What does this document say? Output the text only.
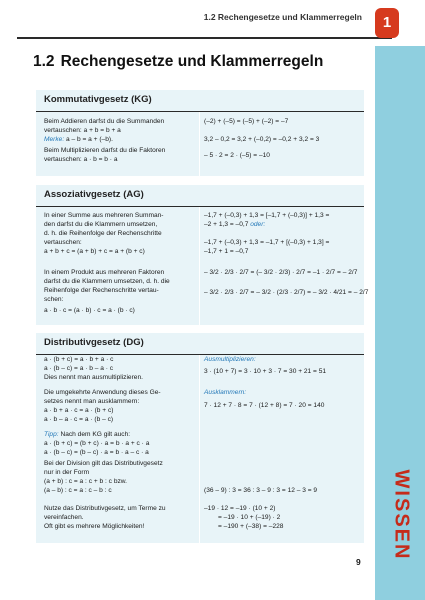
1.2 Rechengesetze und Klammerregeln	1
WISSEN
1.2 Rechengesetze und Klammerregeln
Kommutativgesetz (KG)
Beim Addieren darfst du die Summanden
vertauschen: a + b = b + a
Merke: a – b = a + (–b).
Beim Multiplizieren darfst du die Faktoren
vertauschen: a · b = b · a
(–2) + (–5) = (–5) + (–2) = –7
3,2 – 0,2 = 3,2 + (–0,2) = –0,2 + 3,2 = 3
– 5 · 2 = 2 · (–5) = –10
Assoziativgesetz (AG)
In einer Summe aus mehreren Summan-
den darfst du die Klammern umsetzen,
d. h. die Reihenfolge der Rechenschritte
vertauschen:
a + b + c = (a + b) + c = a + (b + c)
In einem Produkt aus mehreren Faktoren
darfst du die Klammern umsetzen, d. h. die
Reihenfolge der Rechenschritte vertau-
schen:
a · b · c = (a · b) · c = a · (b · c)
–1,7 + (–0,3) + 1,3 = [–1,7 + (–0,3)] + 1,3 =
–2 + 1,3 = –0,7 oder:
–1,7 + (–0,3) + 1,3 = –1,7 + [(–0,3) + 1,3] =
–1,7 + 1 = –0,7
– 3/2 · 2/3 · 2/7 = (– 3/2 · 2/3) · 2/7 = –1 · 2/7 = – 2/7
– 3/2 · 2/3 · 2/7 = – 3/2 · (2/3 · 2/7) = – 3/2 · 4/21 = – 2/7
Distributivgesetz (DG)
a · (b + c) = a · b + a · c
a · (b – c) = a · b – a · c
Dies nennt man ausmultiplizieren.
Die umgekehrte Anwendung dieses Ge-
setzes nennt man ausklammern:
a · b + a · c = a · (b + c)
a · b – a · c = a · (b – c)
Tipp: Nach dem KG gilt auch:
a · (b + c) = (b + c) · a = b · a + c · a
a · (b – c) = (b – c) · a = b · a – c · a
Bei der Division gilt das Distributivgesetz
nur in der Form
(a + b) : c = a : c + b : c bzw.
(a – b) : c = a : c – b : c
Nutze das Distributivgesetz, um Terme zu
vereinfachen.
Oft gibt es mehrere Möglichkeiten!
Ausmultiplizieren:
3 · (10 + 7) = 3 · 10 + 3 · 7 = 30 + 21 = 51
Ausklammern:
7 · 12 + 7 · 8 = 7 · (12 + 8) = 7 · 20 = 140
(36 – 9) : 3 = 36 : 3 – 9 : 3 = 12 – 3 = 9
–19 · 12 = –19 · (10 + 2)
= –19 · 10 + (–19) · 2
= –190 + (–38) = –228
9
